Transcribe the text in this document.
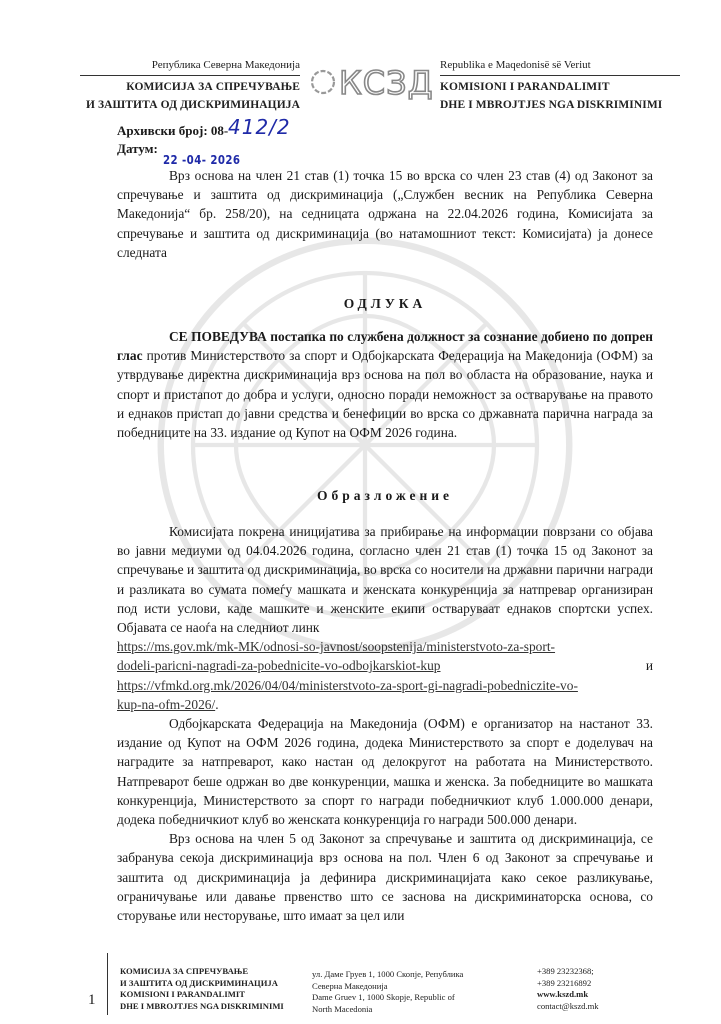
Република Северна Македонија
КОМИСИЈА ЗА СПРЕЧУВАЊЕ
И ЗАШТИТА ОД ДИСКРИМИНАЦИЈА
КСЗД Republika e Maqedonisë së Veriut
KOMISIONI I PARANDALIMIT
DHE I MBROJTJES NGA DISKRIMINIMI
Архивски број: 08-
Датум:
412/2
22 -04- 2026

Врз основа на член 21 став (1) точка 15 во врска со член 23 став (4) од Законот за спречување и заштита од дискриминација („Службен весник на Република Северна Македонија“ бр. 258/20), на седницата одржана на 22.04.2026 година, Комисијата за спречување и заштита од дискриминација (во натамошниот текст: Комисијата) ја донесе следната

ОДЛУКА

СЕ ПОВЕДУВА постапка по службена должност за сознание добиено по допрен глас против Министерството за спорт и Одбојкарската Федерација на Македонија (ОФМ) за утврдување директна дискриминација врз основа на пол во областа на образование, наука и спорт и пристапот до добра и услуги, односно поради неможност за остварување на правото и еднаков пристап до јавни средства и бенефиции во врска со државната парична награда за победниците на 33. издание од Купот на ОФМ 2026 година.

Образложение

Комисијата покрена иницијатива за прибирање на информации поврзани со објава во јавни медиуми од 04.04.2026 година, согласно член 21 став (1) точка 15 од Законот за спречување и заштита од дискриминација, во врска со носители на државни парични награди и разликата во сумата помеѓу машката и женската конкуренција за натпревар организиран под исти услови, каде машките и женските екипи остваруваат еднаков спортски успех. Објавата се наоѓа на следниот линк

https://ms.gov.mk/mk-MK/odnosi-so-javnost/soopstenija/ministerstvoto-za-sport-
dodeli-paricni-nagradi-za-pobednicite-vo-odbojkarskiot-kup	и
https://vfmkd.org.mk/2026/04/04/ministerstvoto-za-sport-gi-nagradi-pobedniczite-vo-
kup-na-ofm-2026/.

Одбојкарската Федерација на Македонија (ОФМ) е организатор на настанот 33. издание од Купот на ОФМ 2026 година, додека Министерството за спорт е доделувач на наградите за натпреварот, како настан од делокругот на работата на Министерството. Натпреварот беше одржан во две конкуренции, машка и женска. За победниците во машката конкуренција, Министерството за спорт го награди победничкиот клуб 1.000.000 денари, додека победничкиот клуб во женската конкуренција го награди 500.000 денари.

Врз основа на член 5 од Законот за спречување и заштита од дискриминација, се забранува секоја дискриминација врз основа на пол. Член 6 од Законот за спречување и заштита од дискриминација ја дефинира дискриминацијата како секое разликување, ограничување или давање првенство што се заснова на дискриминаторска основа, со сторување или несторување, што имаат за цел или

1
КОМИСИЈА ЗА СПРЕЧУВАЊЕ
И ЗАШТИТА ОД ДИСКРИМИНАЦИЈА
KOMISIONI I PARANDALIMIT
DHE I MBROJTJES NGA DISKRIMINIMI
ул. Даме Груев 1, 1000 Скопје, Република
Северна Македонија
Dame Gruev 1, 1000 Skopje, Republic of
North Macedonia
+389 23232368;
+389 23216892
www.kszd.mk
contact@kszd.mk
